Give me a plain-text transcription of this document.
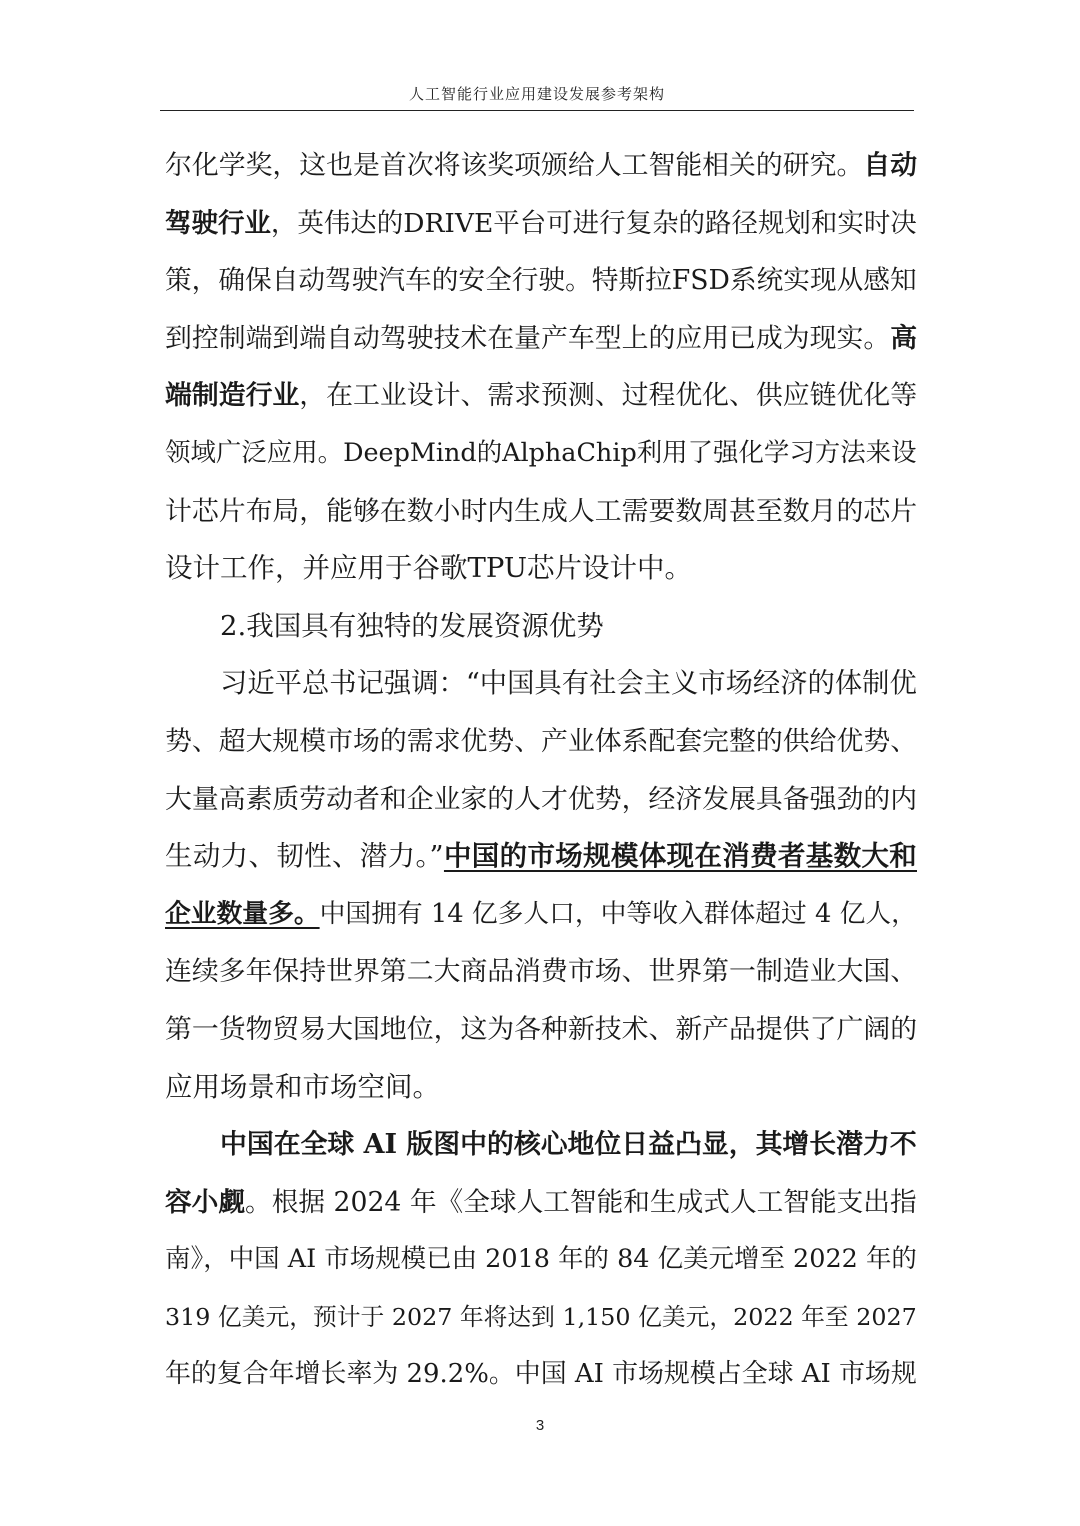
人工智能行业应用建设发展参考架构
尔化学奖，这也是首次将该奖项颁给人工智能相关的研究。自动
驾驶行业，英伟达的DRIVE平台可进行复杂的路径规划和实时决
策，确保自动驾驶汽车的安全行驶。特斯拉FSD系统实现从感知
到控制端到端自动驾驶技术在量产车型上的应用已成为现实。高
端制造行业，在工业设计、需求预测、过程优化、供应链优化等
领域广泛应用。DeepMind的AlphaChip利用了强化学习方法来设
计芯片布局，能够在数小时内生成人工需要数周甚至数月的芯片
设计工作，并应用于谷歌TPU芯片设计中。
2.我国具有独特的发展资源优势
习近平总书记强调：“中国具有社会主义市场经济的体制优
势、超大规模市场的需求优势、产业体系配套完整的供给优势、
大量高素质劳动者和企业家的人才优势，经济发展具备强劲的内
生动力、韧性、潜力。”中国的市场规模体现在消费者基数大和
企业数量多。中国拥有 14 亿多人口，中等收入群体超过 4 亿人，
连续多年保持世界第二大商品消费市场、世界第一制造业大国、
第一货物贸易大国地位，这为各种新技术、新产品提供了广阔的
应用场景和市场空间。
中国在全球 AI 版图中的核心地位日益凸显，其增长潜力不
容小觑。根据 2024 年《全球人工智能和生成式人工智能支出指
南》，中国 AI 市场规模已由 2018 年的 84 亿美元增至 2022 年的
319 亿美元，预计于 2027 年将达到 1,150 亿美元，2022 年至 2027
年的复合年增长率为 29.2%。中国 AI 市场规模占全球 AI 市场规
3
